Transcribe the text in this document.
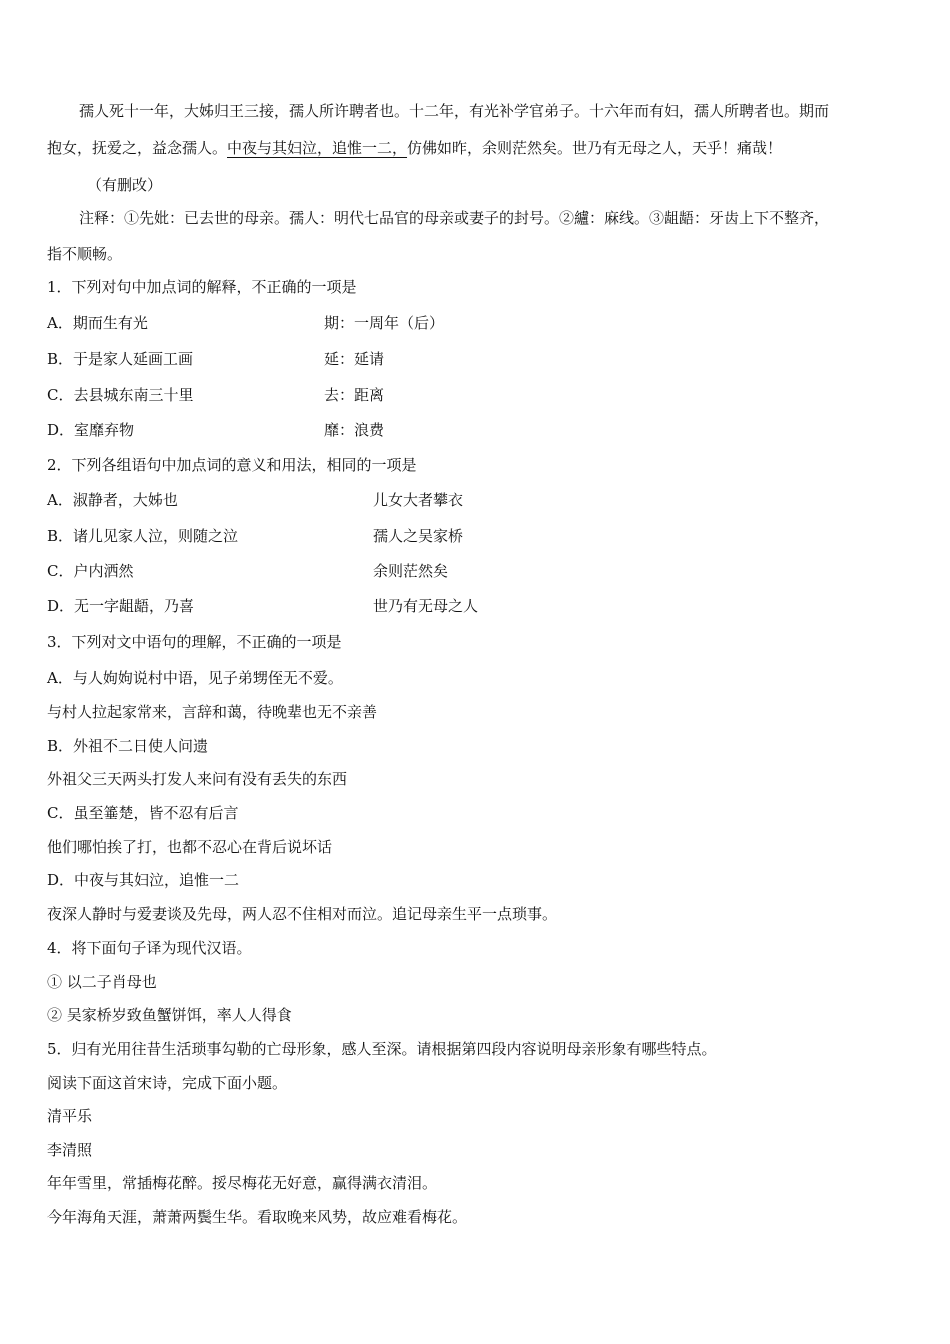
孺人死十一年，大姊归王三接，孺人所许聘者也。十二年，有光补学官弟子。十六年而有妇，孺人所聘者也。期而
抱女，抚爱之，益念孺人。中夜与其妇泣，追惟一二，仿佛如昨，余则茫然矣。世乃有无母之人，天乎！痛哉！
（有删改）
注释：①先妣：已去世的母亲。孺人：明代七品官的母亲或妻子的封号。②纑：麻线。③龃龉：牙齿上下不整齐，
指不顺畅。
1．下列对句中加点词的解释，不正确的一项是
A．期而生有光	期：一周年（后）
B．于是家人延画工画	延：延请
C．去县城东南三十里	去：距离
D．室靡弃物	靡：浪费
2．下列各组语句中加点词的意义和用法，相同的一项是
A．淑静者，大姊也	儿女大者攀衣
B．诸儿见家人泣，则随之泣	孺人之吴家桥
C．户内洒然	余则茫然矣
D．无一字龃龉，乃喜	世乃有无母之人
3．下列对文中语句的理解，不正确的一项是
A．与人姁姁说村中语，见子弟甥侄无不爱。
与村人拉起家常来，言辞和蔼，待晚辈也无不亲善
B．外祖不二日使人问遗
外祖父三天两头打发人来问有没有丢失的东西
C．虽至箠楚，皆不忍有后言
他们哪怕挨了打，也都不忍心在背后说坏话
D．中夜与其妇泣，追惟一二
夜深人静时与爱妻谈及先母，两人忍不住相对而泣。追记母亲生平一点琐事。
4．将下面句子译为现代汉语。
① 以二子肖母也
② 吴家桥岁致鱼蟹饼饵，率人人得食
5．归有光用往昔生活琐事勾勒的亡母形象，感人至深。请根据第四段内容说明母亲形象有哪些特点。
阅读下面这首宋诗，完成下面小题。
清平乐
李清照
年年雪里，常插梅花醉。挼尽梅花无好意，赢得满衣清泪。
今年海角天涯，萧萧两鬓生华。看取晚来风势，故应难看梅花。
